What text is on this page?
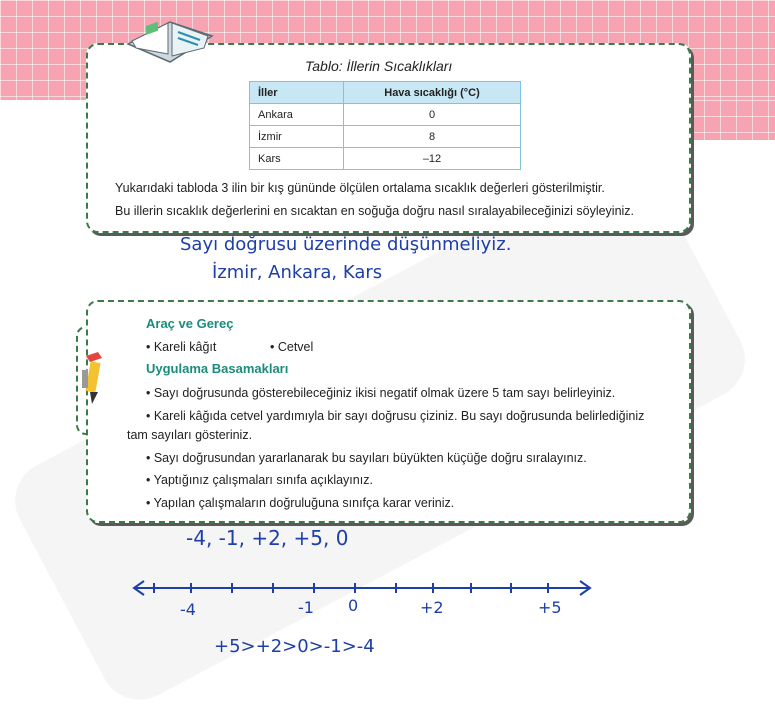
Tablo: İllerin Sıcaklıkları
İller	Hava sıcaklığı (°C)
Ankara	0
İzmir	8
Kars	–12
Yukarıdaki tabloda 3 ilin bir kış gününde ölçülen ortalama sıcaklık değerleri gösterilmiştir.
Bu illerin sıcaklık değerlerini en sıcaktan en soğuğa doğru nasıl sıralayabileceğinizi söyleyiniz.
Sayı doğrusu üzerinde düşünmeliyiz.
İzmir, Ankara, Kars
Araç ve Gereç
• Kareli kâğıt	• Cetvel
Uygulama Basamakları
• Sayı doğrusunda gösterebileceğiniz ikisi negatif olmak üzere 5 tam sayı belirleyiniz.
• Kareli kâğıda cetvel yardımıyla bir sayı doğrusu çiziniz. Bu sayı doğrusunda belirlediğiniz
tam sayıları gösteriniz.
• Sayı doğrusundan yararlanarak bu sayıları büyükten küçüğe doğru sıralayınız.
• Yaptığınız çalışmaları sınıfa açıklayınız.
• Yapılan çalışmaların doğruluğuna sınıfça karar veriniz.
-4, -1, +2, +5, 0
-4	-1 0	+2	+5
+5>+2>0>-1>-4
